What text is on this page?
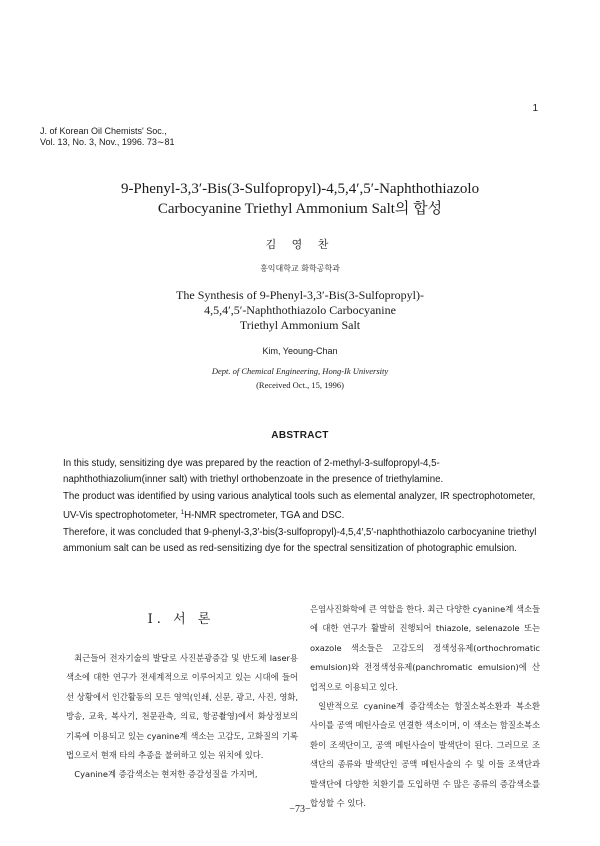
1
J. of Korean Oil Chemists' Soc.,
Vol. 13, No. 3, Nov., 1996. 73∼81
9-Phenyl-3,3′-Bis(3-Sulfopropyl)-4,5,4′,5′-Naphthothiazolo
Carbocyanine Triethyl Ammonium Salt의 합성
김 영 찬
홍익대학교 화학공학과
The Synthesis of 9-Phenyl-3,3′-Bis(3-Sulfopropyl)-
4,5,4′,5′-Naphthothiazolo Carbocyanine
Triethyl Ammonium Salt
Kim, Yeoung-Chan
Dept. of Chemical Engineering, Hong-Ik University
(Received Oct., 15, 1996)
ABSTRACT

In this study, sensitizing dye was prepared by the reaction of 2-methyl-3-sulfopropyl-4,5-naphthothiazolium(inner salt) with triethyl orthobenzoate in the presence of triethylamine.

The product was identified by using various analytical tools such as elemental analyzer, IR spectrophotometer, UV-Vis spectrophotometer, $^1$H-NMR spectrometer, TGA and DSC.

Therefore, it was concluded that 9-phenyl-3,3′-bis(3-sulfopropyl)-4,5,4′,5′-naphthothiazolo carbocyanine triethyl ammonium salt can be used as red-sensitizing dye for the spectral sensitization of photographic emulsion.

I. 서 론

최근들어 전자기술의 발달로 사진분광증감 및 반도체 laser용 색소에 대한 연구가 전세계적으로 이루어지고 있는 시대에 들어 선 상황에서 인간활동의 모든 영역(인쇄, 신문, 광고, 사진, 영화, 방송, 교육, 복사기, 천문관측, 의료, 항공촬영)에서 화상정보의 기록에 이용되고 있는 cyanine계 색소는 고감도, 고화질의 기록법으로서 현재 타의 추종을 불허하고 있는 위치에 있다.

Cyanine계 증감색소는 현저한 증감성질을 가지며,

은염사진화학에 큰 역할을 한다. 최근 다양한 cyanine계 색소들에 대한 연구가 활발히 진행되어 thiazole, selenazole 또는 oxazole 색소들은 고감도의 정색성유제(orthochromatic emulsion)와 전정색성유제(panchromatic emulsion)에 산업적으로 이용되고 있다.

일반적으로 cyanine계 증감색소는 함질소복소환과 복소환 사이를 공액 메틴사슬로 연결한 색소이며, 이 색소는 함질소복소환이 조색단이고, 공액 메틴사슬이 발색단이 된다. 그러므로 조색단의 종류와 발색단인 공액 메틴사슬의 수 및 이들 조색단과 발색단에 다양한 치환기를 도입하면 수 많은 종류의 증감색소를 합성할 수 있다.

−73−
